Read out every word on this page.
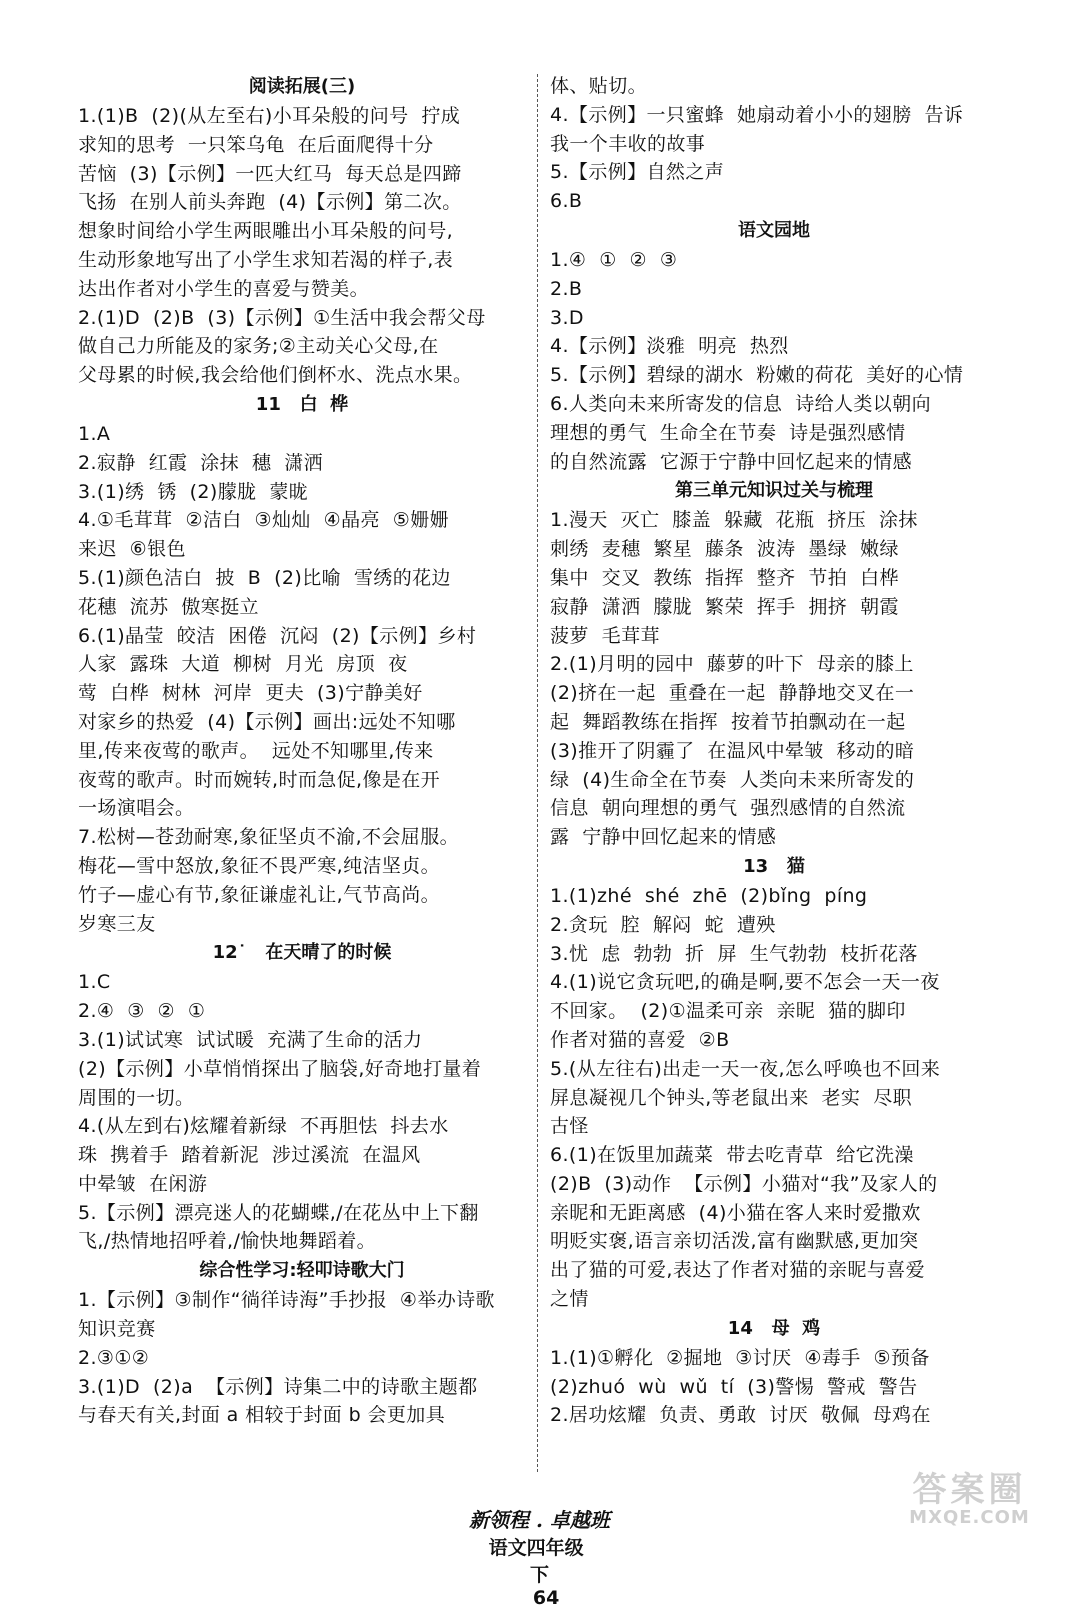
阅读拓展(三)
1.(1)B  (2)(从左至右)小耳朵般的问号  拧成
求知的思考  一只笨乌龟  在后面爬得十分
苦恼  (3)【示例】一匹大红马  每天总是四蹄
飞扬  在别人前头奔跑  (4)【示例】第二次。
想象时间给小学生两眼雕出小耳朵般的问号,
生动形象地写出了小学生求知若渴的样子,表
达出作者对小学生的喜爱与赞美。
2.(1)D  (2)B  (3)【示例】①生活中我会帮父母
做自己力所能及的家务;②主动关心父母,在
父母累的时候,我会给他们倒杯水、洗点水果。
11   白  桦
1.A
2.寂静  红霞  涂抹  穗  潇洒
3.(1)绣  锈  (2)朦胧  蒙昽
4.①毛茸茸  ②洁白  ③灿灿  ④晶亮  ⑤姗姗
来迟  ⑥银色
5.(1)颜色洁白  披  B  (2)比喻  雪绣的花边
花穗  流苏  傲寒挺立
6.(1)晶莹  皎洁  困倦  沉闷  (2)【示例】乡村
人家  露珠  大道  柳树  月光  房顶  夜
莺  白桦  树林  河岸  更夫  (3)宁静美好
对家乡的热爱  (4)【示例】画出:远处不知哪
里,传来夜莺的歌声。  远处不知哪里,传来
夜莺的歌声。时而婉转,时而急促,像是在开
一场演唱会。
7.松树—苍劲耐寒,象征坚贞不渝,不会屈服。
梅花—雪中怒放,象征不畏严寒,纯洁坚贞。
竹子—虚心有节,象征谦虚礼让,气节高尚。
岁寒三友
12˙   在天晴了的时候
1.C
2.④  ③  ②  ①
3.(1)试试寒  试试暖  充满了生命的活力
(2)【示例】小草悄悄探出了脑袋,好奇地打量着
周围的一切。
4.(从左到右)炫耀着新绿  不再胆怯  抖去水
珠  携着手  踏着新泥  涉过溪流  在温风
中晕皱  在闲游
5.【示例】漂亮迷人的花蝴蝶,/在花丛中上下翻
飞,/热情地招呼着,/愉快地舞蹈着。
综合性学习:轻叩诗歌大门
1.【示例】③制作“徜徉诗海”手抄报  ④举办诗歌
知识竞赛
2.③①②
3.(1)D  (2)a  【示例】诗集二中的诗歌主题都
与春天有关,封面 a 相较于封面 b 会更加具
体、贴切。
4.【示例】一只蜜蜂  她扇动着小小的翅膀  告诉
我一个丰收的故事
5.【示例】自然之声
6.B
语文园地
1.④  ①  ②  ③
2.B
3.D
4.【示例】淡雅  明亮  热烈
5.【示例】碧绿的湖水  粉嫩的荷花  美好的心情
6.人类向未来所寄发的信息  诗给人类以朝向
理想的勇气  生命全在节奏  诗是强烈感情
的自然流露  它源于宁静中回忆起来的情感
第三单元知识过关与梳理
1.漫天  灭亡  膝盖  躲藏  花瓶  挤压  涂抹
刺绣  麦穗  繁星  藤条  波涛  墨绿  嫩绿
集中  交叉  教练  指挥  整齐  节拍  白桦
寂静  潇洒  朦胧  繁荣  挥手  拥挤  朝霞
菠萝  毛茸茸
2.(1)月明的园中  藤萝的叶下  母亲的膝上
(2)挤在一起  重叠在一起  静静地交叉在一
起  舞蹈教练在指挥  按着节拍飘动在一起
(3)推开了阴霾了  在温风中晕皱  移动的暗
绿  (4)生命全在节奏  人类向未来所寄发的
信息  朝向理想的勇气  强烈感情的自然流
露  宁静中回忆起来的情感
13   猫
1.(1)zhé  shé  zhē  (2)bǐng  píng
2.贪玩  腔  解闷  蛇  遭殃
3.忧  虑  勃勃  折  屏  生气勃勃  枝折花落
4.(1)说它贪玩吧,的确是啊,要不怎会一天一夜
不回家。  (2)①温柔可亲  亲昵  猫的脚印
作者对猫的喜爱  ②B
5.(从左往右)出走一天一夜,怎么呼唤也不回来
屏息凝视几个钟头,等老鼠出来  老实  尽职
古怪
6.(1)在饭里加蔬菜  带去吃青草  给它洗澡
(2)B  (3)动作  【示例】小猫对“我”及家人的
亲昵和无距离感  (4)小猫在客人来时爱撒欢
明贬实褒,语言亲切活泼,富有幽默感,更加突
出了猫的可爱,表达了作者对猫的亲昵与喜爱
之情
14   母  鸡
1.(1)①孵化  ②掘地  ③讨厌  ④毒手  ⑤预备
(2)zhuó  wù  wǔ  tí  (3)警惕  警戒  警告
2.居功炫耀  负责、勇敢  讨厌  敬佩  母鸡在

新领程 . 卓越班
语文四年级
下
64

答案圈
MXQE.COM
